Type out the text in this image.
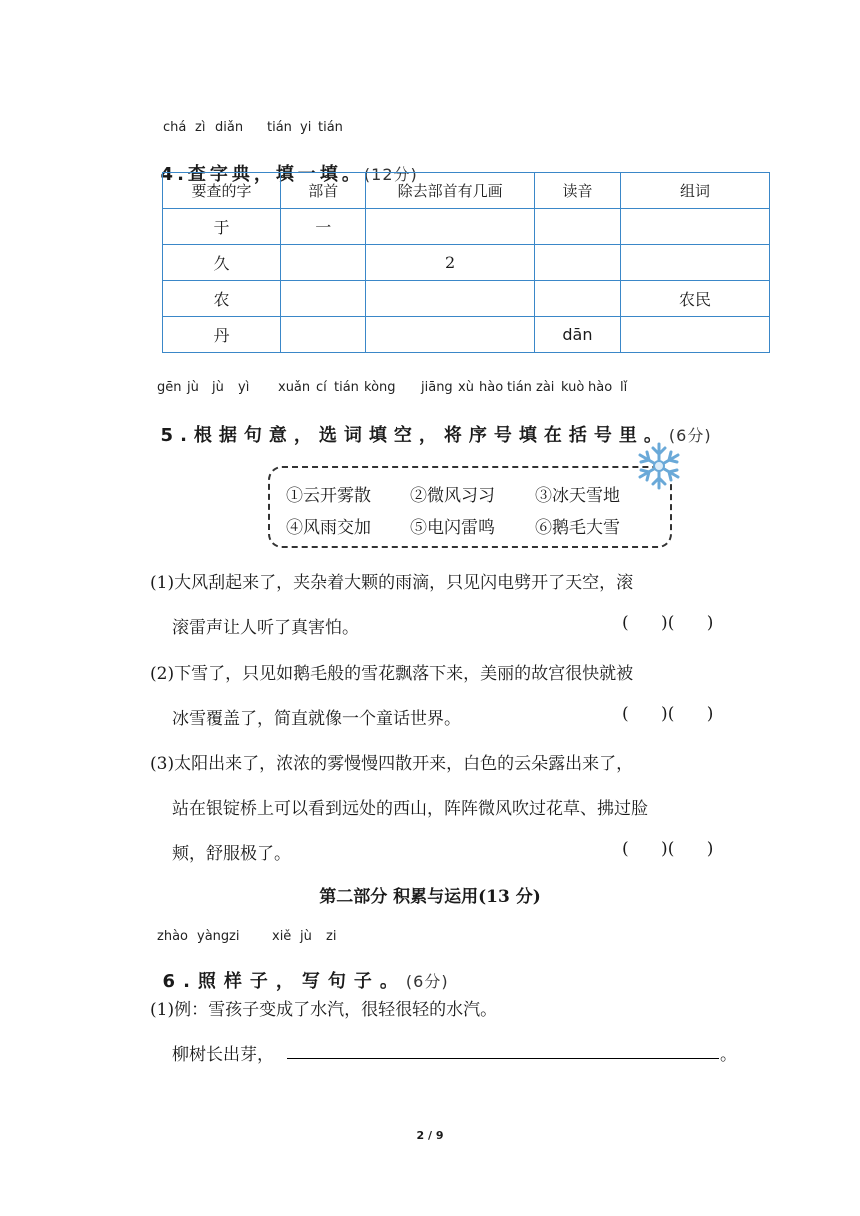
chá zì diǎn tián yi tián

4.查字典，填一填。(12分)

要查的字	部首	除去部首有几画	读音	组词
于	一			
久		2		
农				农民
丹			dān	
gēn jù jù yì xuǎn cí tián kòng jiāng xù hào tián zài kuò hào lǐ

5.根据句意，选词填空，将序号填在括号里。(6分)

①云开雾散 ②微风习习 ③冰天雪地
④风雨交加 ⑤电闪雷鸣 ⑥鹅毛大雪
(1)大风刮起来了，夹杂着大颗的雨滴，只见闪电劈开了天空，滚
滚雷声让人听了真害怕。	(      )(      )
(2)下雪了，只见如鹅毛般的雪花飘落下来，美丽的故宫很快就被
冰雪覆盖了，简直就像一个童话世界。	(      )(      )
(3)太阳出来了，浓浓的雾慢慢四散开来，白色的云朵露出来了，
站在银锭桥上可以看到远处的西山，阵阵微风吹过花草、拂过脸
颊，舒服极了。	(      )(      )
第二部分 积累与运用(13 分)
zhào yàng zi	xiě jù zi

6.照样子，写句子。(6分)

(1)例：雪孩子变成了水汽，很轻很轻的水汽。
柳树长出芽，	。
2 / 9
